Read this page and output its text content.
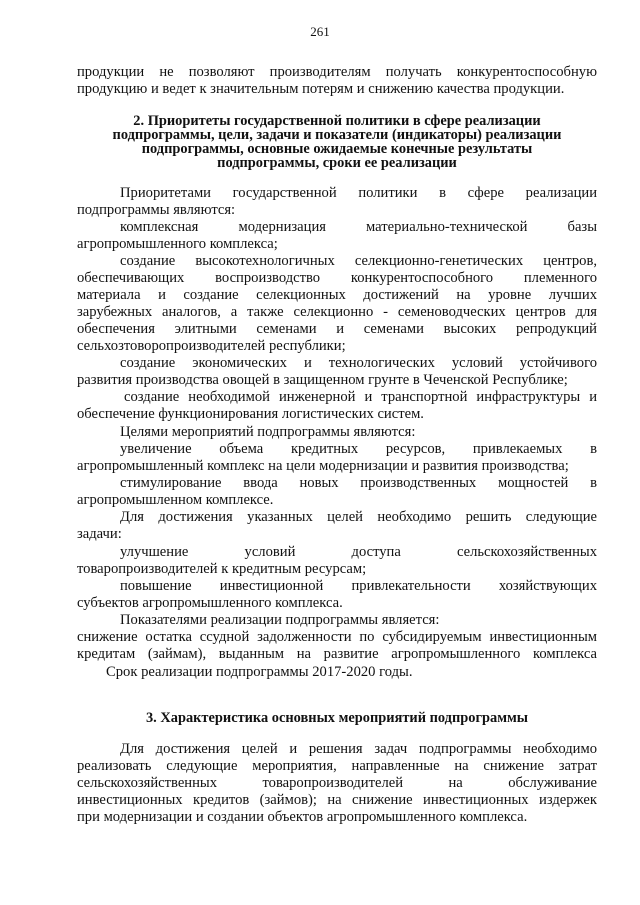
261
продукции не позволяют производителям получать конкурентоспособную
продукцию и ведет к значительным потерям и снижению качества продукции.
2. Приоритеты государственной политики в сфере реализации
подпрограммы, цели, задачи и показатели (индикаторы) реализации
подпрограммы, основные ожидаемые конечные результаты
подпрограммы, сроки ее реализации
Приоритетами государственной политики в сфере реализации
подпрограммы являются:
комплексная модернизация материально-технической базы
агропромышленного комплекса;
создание высокотехнологичных селекционно-генетических центров,
обеспечивающих воспроизводство конкурентоспособного племенного
материала и создание селекционных достижений на уровне лучших
зарубежных аналогов, а также селекционно - семеноводческих центров для
обеспечения элитными семенами и семенами высоких репродукций
сельхозтоворопроизводителей республики;
создание экономических и технологических условий устойчивого
развития производства овощей в защищенном грунте в Чеченской Республике;
создание необходимой инженерной и транспортной инфраструктуры и
обеспечение функционирования логистических систем.
Целями мероприятий подпрограммы являются:
увеличение объема кредитных ресурсов, привлекаемых в
агропромышленный комплекс на цели модернизации и развития производства;
стимулирование ввода новых производственных мощностей в
агропромышленном комплексе.
Для достижения указанных целей необходимо решить следующие
задачи:
улучшение условий доступа сельскохозяйственных
товаропроизводителей к кредитным ресурсам;
повышение инвестиционной привлекательности хозяйствующих
субъектов агропромышленного комплекса.
Показателями реализации подпрограммы является:
снижение остатка ссудной задолженности по субсидируемым инвестиционным
кредитам (займам), выданным на развитие агропромышленного комплекса
Срок реализации подпрограммы 2017-2020 годы.
3. Характеристика основных мероприятий подпрограммы
Для достижения целей и решения задач подпрограммы необходимо
реализовать следующие мероприятия, направленные на снижение затрат
сельскохозяйственных товаропроизводителей на обслуживание
инвестиционных кредитов (займов); на снижение инвестиционных издержек
при модернизации и создании объектов агропромышленного комплекса.
